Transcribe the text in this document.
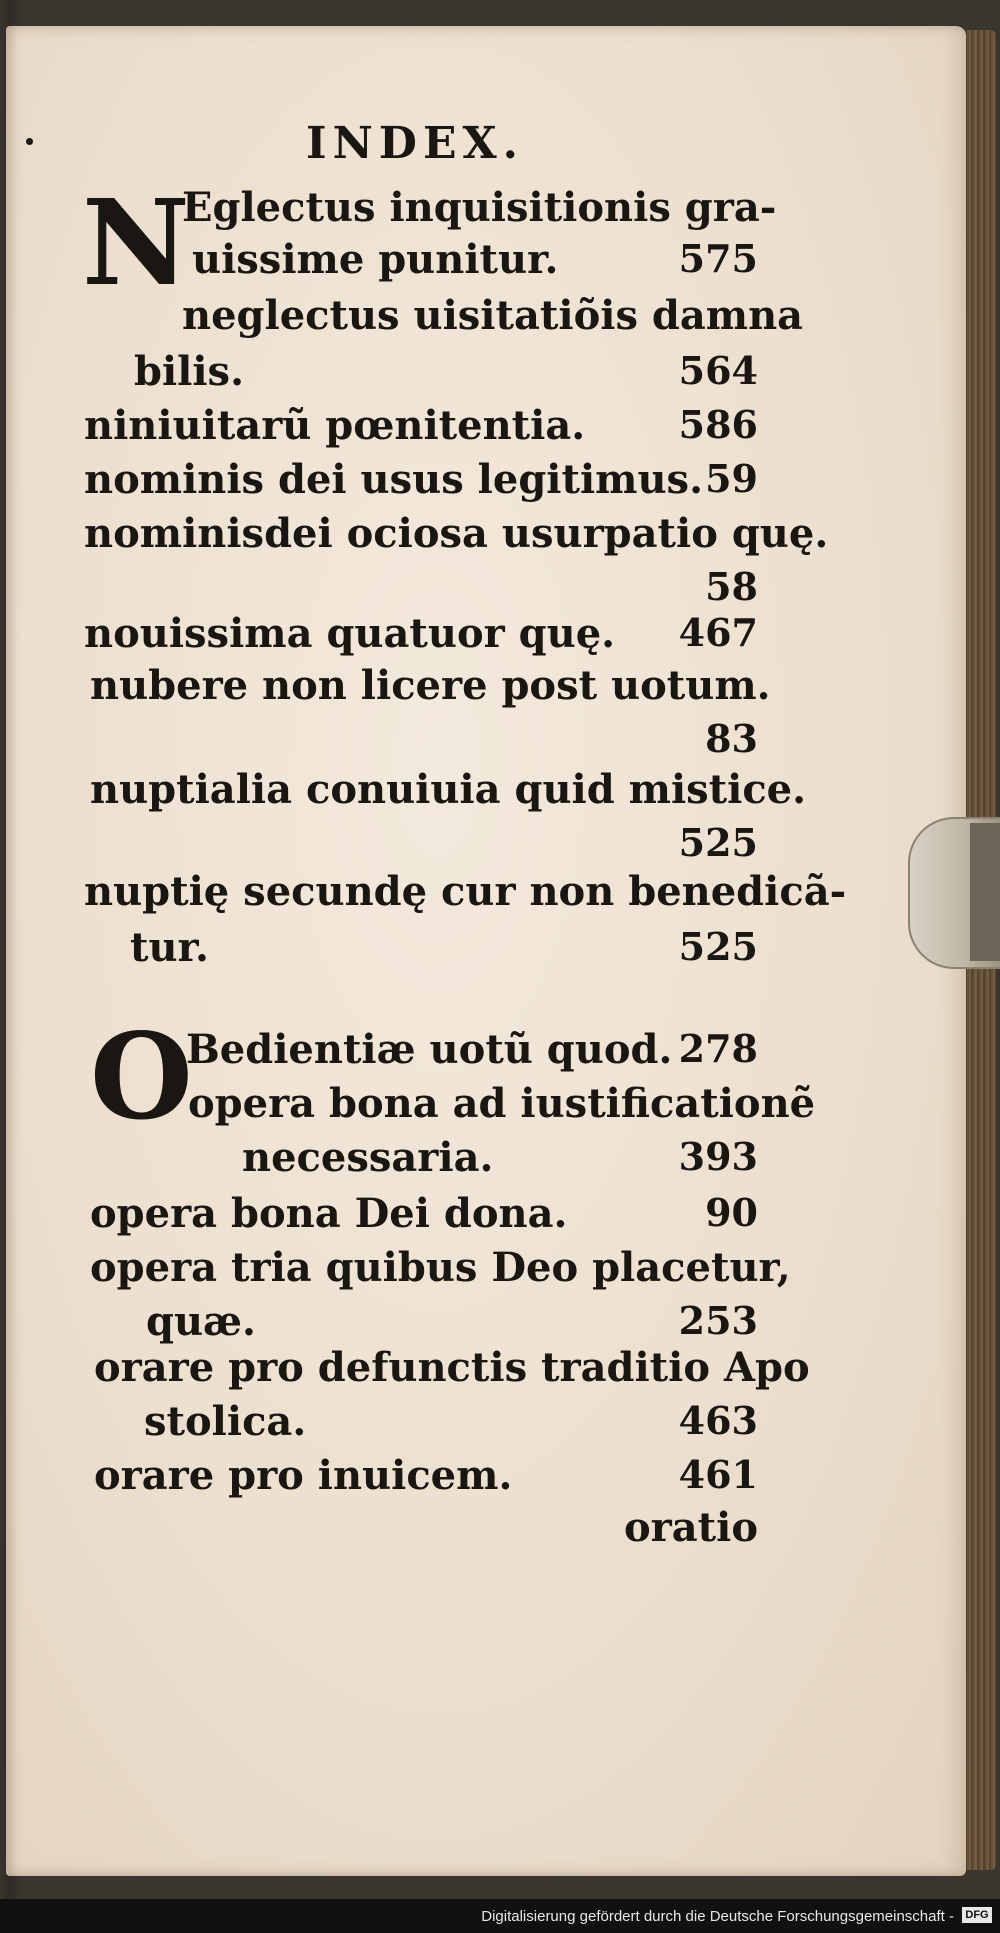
INDEX.
N
Eglectus inquisitionis gra-
uissime punitur.	575
neglectus uisitatiõis damna
bilis.	564
niniuitarũ pœnitentia. 586
nominis dei usus legitimus. 59
nominisdei ociosa usurpatio quę.
58
nouissima quatuor quę. 467
nubere non licere post uotum.
83
nuptialia conuiuia quid mistice.
525
nuptię secundę cur non benedicã-
tur.	525
O
Bedientiæ uotũ quod. 278
opera bona ad iustificationẽ
necessaria.	393
opera bona Dei dona.	90
opera tria quibus Deo placetur,
quæ.	253
orare pro defunctis traditio Apo
stolica.	463
orare pro inuicem.	461
oratio
Digitalisierung gefördert durch die Deutsche Forschungsgemeinschaft -	DFG
